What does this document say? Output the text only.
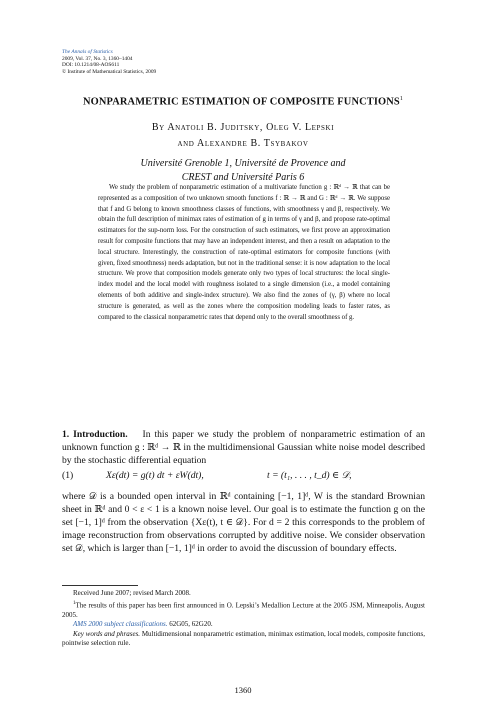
The Annals of Statistics
2009, Vol. 37, No. 3, 1360–1404
DOI: 10.1214/08-AOS611
© Institute of Mathematical Statistics, 2009
NONPARAMETRIC ESTIMATION OF COMPOSITE FUNCTIONS$^1$
By Anatoli B. Juditsky, Oleg V. Lepski
and Alexandre B. Tsybakov
Université Grenoble 1, Université de Provence and
CREST and Université Paris 6
We study the problem of nonparametric estimation of a multivariate function g : ℝᵈ → ℝ that can be represented as a composition of two unknown smooth functions f : ℝ → ℝ and G : ℝᵈ → ℝ. We suppose that f and G belong to known smoothness classes of functions, with smoothness γ and β, respectively. We obtain the full description of minimax rates of estimation of g in terms of γ and β, and propose rate-optimal estimators for the sup-norm loss. For the construction of such estimators, we first prove an approximation result for composite functions that may have an independent interest, and then a result on adaptation to the local structure. Interestingly, the construction of rate-optimal estimators for composite functions (with given, fixed smoothness) needs adaptation, but not in the traditional sense: it is now adaptation to the local structure. We prove that composition models generate only two types of local structures: the local single-index model and the local model with roughness isolated to a single dimension (i.e., a model containing elements of both additive and single-index structure). We also find the zones of (γ, β) where no local structure is generated, as well as the zones where the composition modeling leads to faster rates, as compared to the classical nonparametric rates that depend only to the overall smoothness of g.
1. Introduction. In this paper we study the problem of nonparametric estimation of an unknown function g : ℝᵈ → ℝ in the multidimensional Gaussian white noise model described by the stochastic differential equation
(1)	Xε(dt) = g(t) dt + εW(dt),	t = (t₁, . . . , t_d) ∈ 𝒟,
where 𝒟 is a bounded open interval in ℝᵈ containing [−1, 1]ᵈ, W is the standard Brownian sheet in ℝᵈ and 0 < ε < 1 is a known noise level. Our goal is to estimate the function g on the set [−1, 1]ᵈ from the observation {Xε(t), t ∈ 𝒟}. For d = 2 this corresponds to the problem of image reconstruction from observations corrupted by additive noise. We consider observation set 𝒟, which is larger than [−1, 1]ᵈ in order to avoid the discussion of boundary effects.
Received June 2007; revised March 2008.
$^1$The results of this paper has been first announced in O. Lepski’s Medallion Lecture at the 2005 JSM, Minneapolis, August 2005.
AMS 2000 subject classifications. 62G05, 62G20.
Key words and phrases. Multidimensional nonparametric estimation, minimax estimation, local models, composite functions, pointwise selection rule.
1360
